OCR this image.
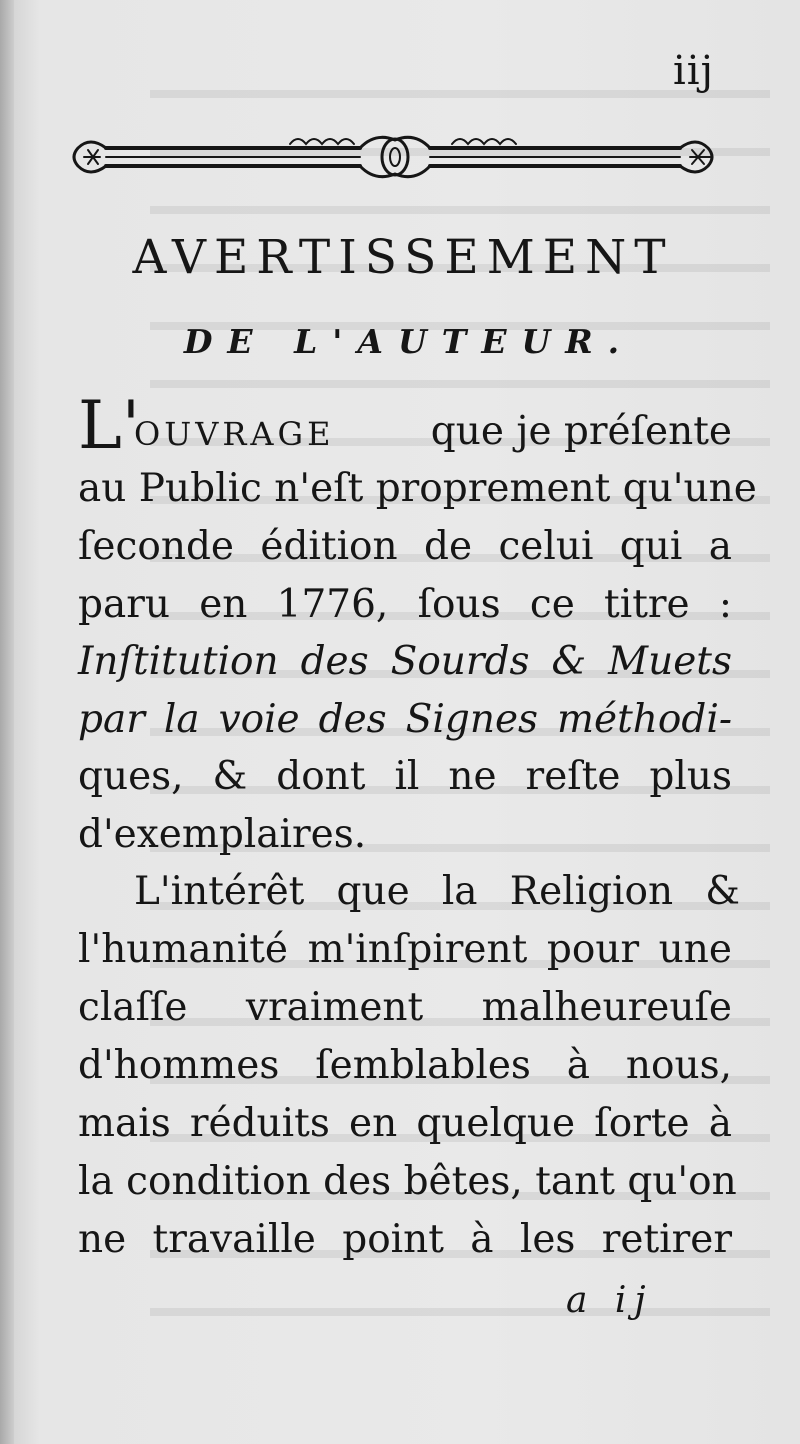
iij
AVERTISSEMENT
DE L'AUTEUR.
L'
OUVRAGE que je préſente
au Public n'eſt proprement qu'une
ſeconde édition de celui qui a
paru en 1776, ſous ce titre :
Inſtitution des Sourds & Muets
par la voie des Signes méthodi-
ques, & dont il ne reſte plus
d'exemplaires.
L'intérêt que la Religion &
l'humanité m'inſpirent pour une
claſſe vraiment malheureuſe
d'hommes ſemblables à nous,
mais réduits en quelque ſorte à
la condition des bêtes, tant qu'on
ne travaille point à les retirer
a ij
